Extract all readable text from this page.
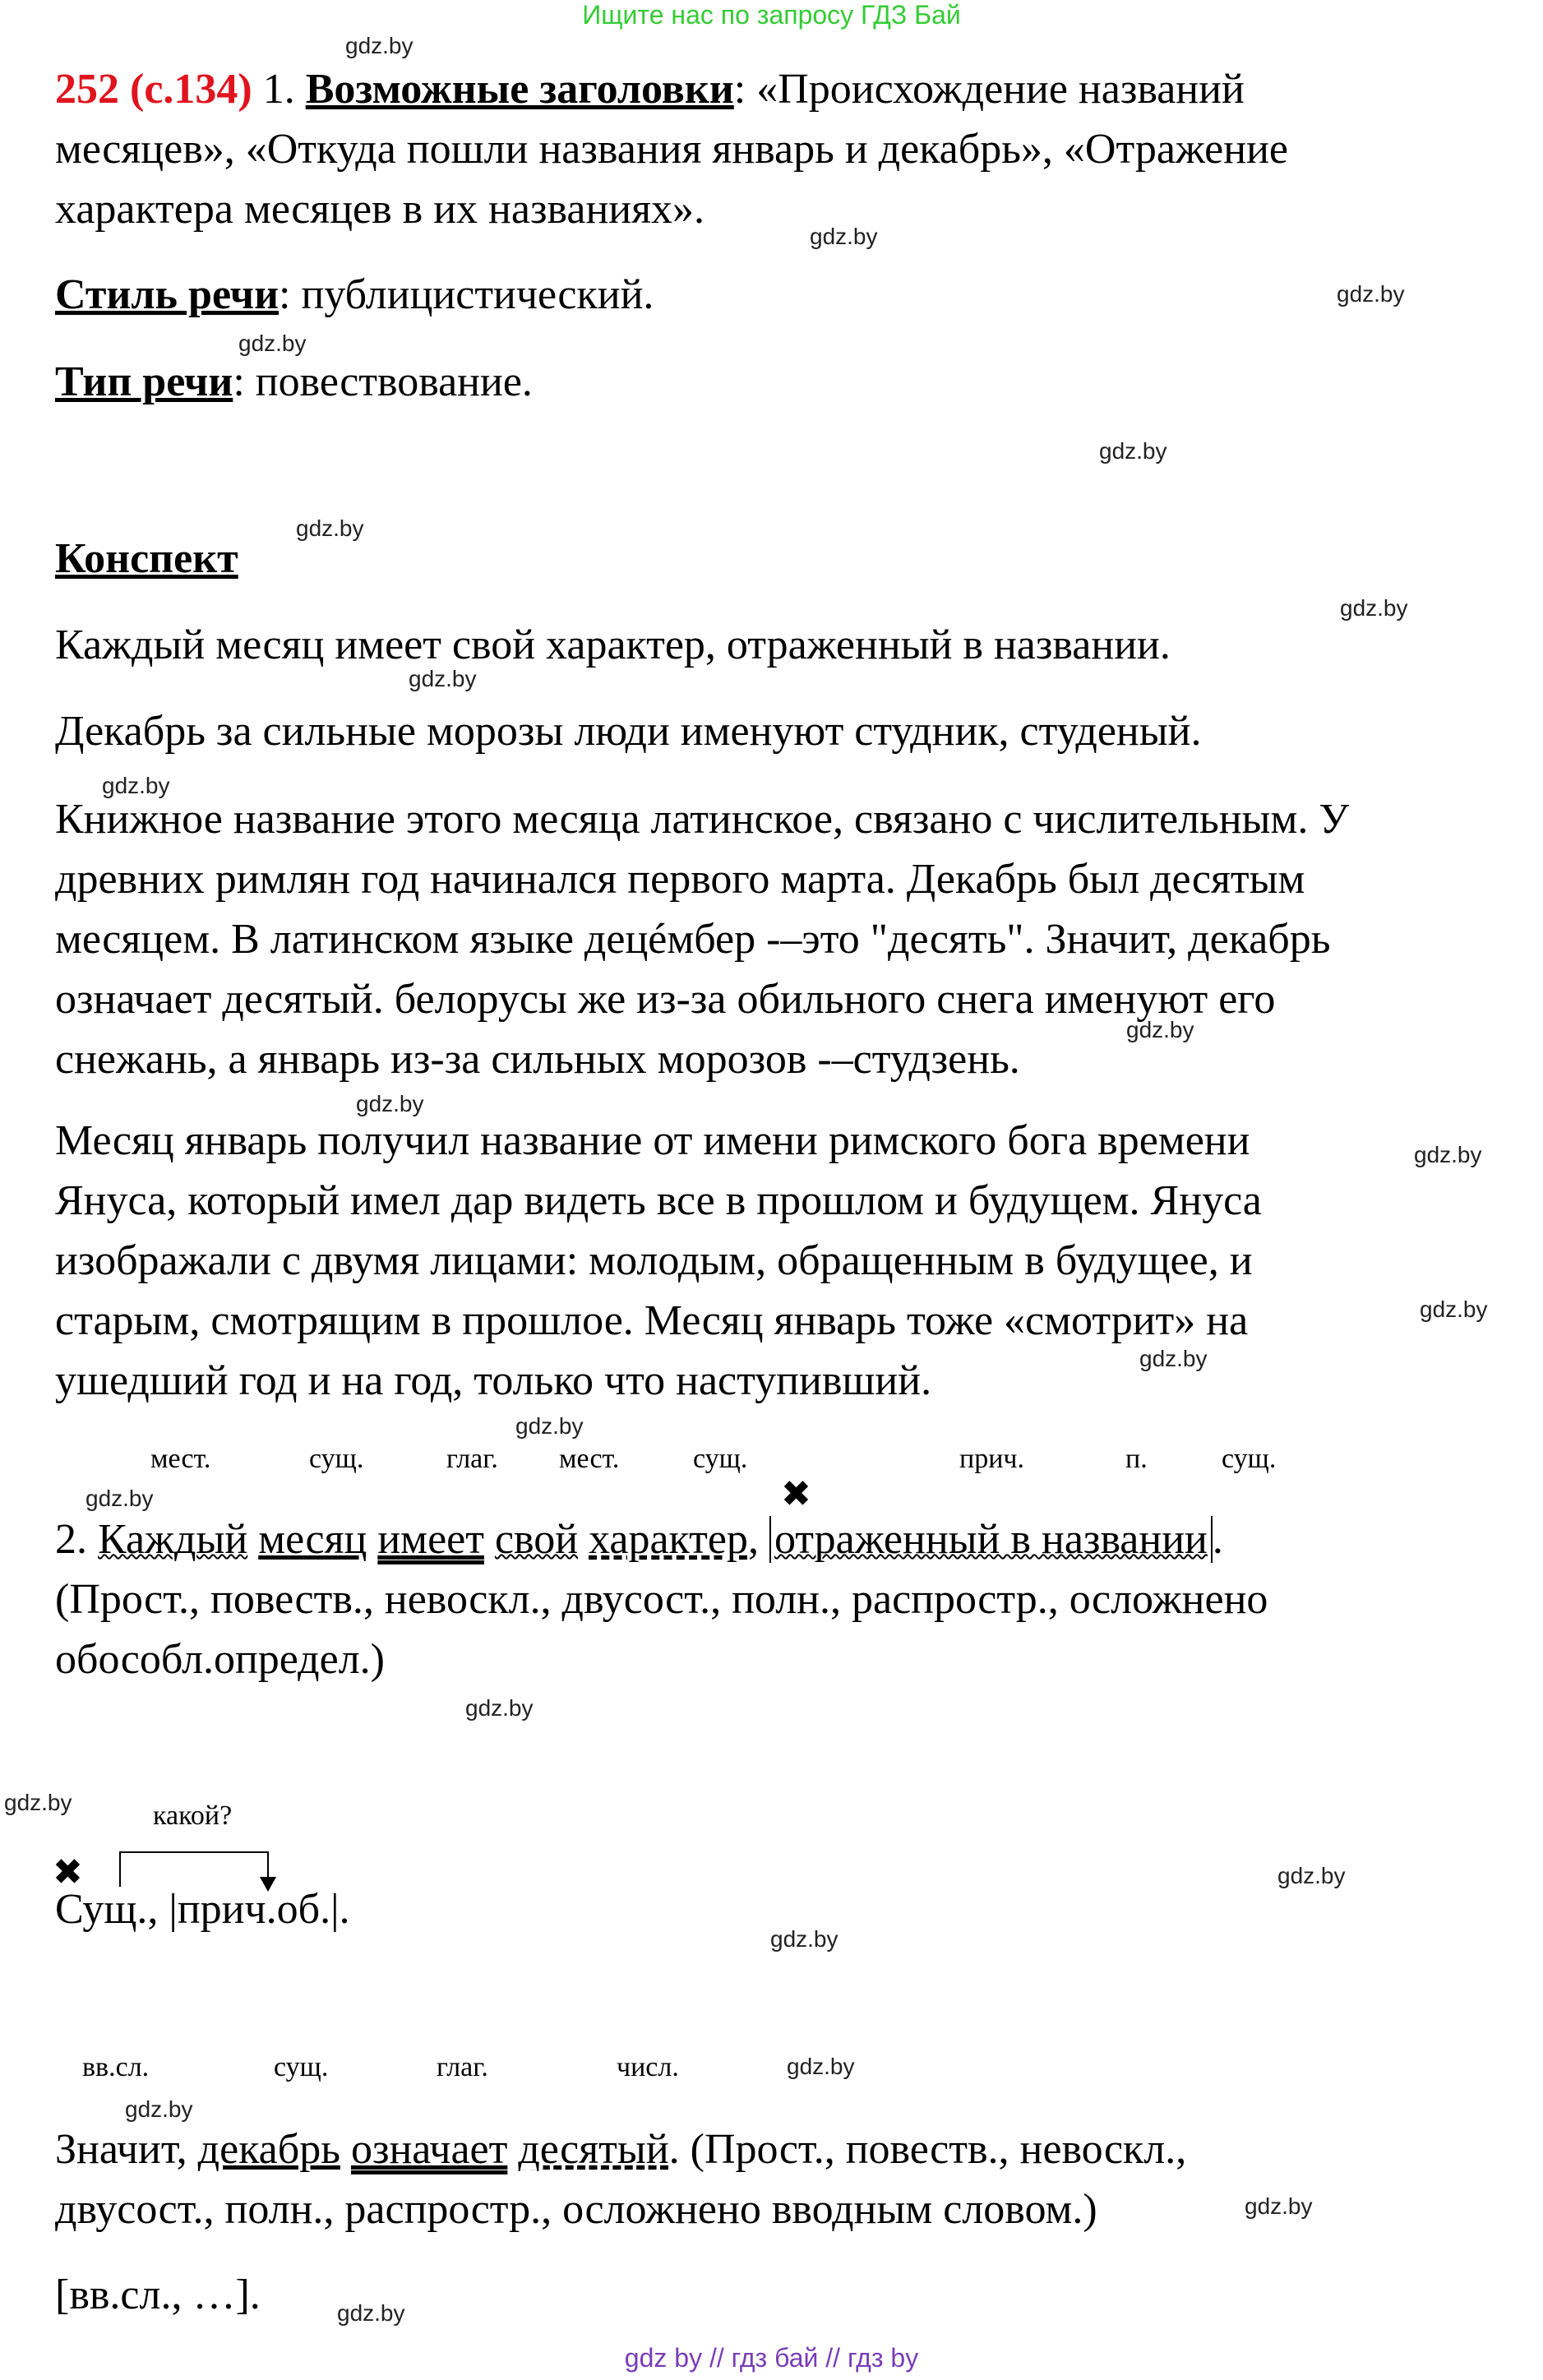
Ищите нас по запросу ГДЗ Бай
gdz by // гдз бай // гдз by
gdz.by
gdz.by
gdz.by
gdz.by
gdz.by
gdz.by
gdz.by
gdz.by
gdz.by
gdz.by
gdz.by
gdz.by
gdz.by
gdz.by
gdz.by
gdz.by
gdz.by
gdz.by
gdz.by
gdz.by
gdz.by
gdz.by
gdz.by
gdz.by
252 (с.134) 1. Возможные заголовки: «Происхождение названий
месяцев», «Откуда пошли названия январь и декабрь», «Отражение
характера месяцев в их названиях».
Стиль речи: публицистический.
Тип речи: повествование.
Конспект
Каждый месяц имеет свой характер, отраженный в названии.
Декабрь за сильные морозы люди именуют студник, студеный.
Книжное название этого месяца латинское, связано с числительным. У
древних римлян год начинался первого марта. Декабрь был десятым
месяцем. В латинском языке децéмбер -–это "десять". Значит, декабрь
означает десятый. белорусы же из-за обильного снега именуют его
снежань, а январь из-за сильных морозов -–студзень.
Месяц январь получил название от имени римского бога времени
Януса, который имел дар видеть все в прошлом и будущем. Януса
изображали с двумя лицами: молодым, обращенным в будущее, и
старым, смотрящим в прошлое. Месяц январь тоже «смотрит» на
ушедший год и на год, только что наступивший.
мест.	сущ.	глаг. мест.	сущ.	прич.	п.	сущ.
✖
2. Каждый месяц имеет свой характер, отраженный в названии .
(Прост., повеств., невоскл., двусост., полн., распростр., осложнено
обособл.определ.)
какой?
✖
Сущ., |прич.об.|.
вв.сл.	сущ.	глаг.	числ.
Значит, декабрь означает десятый. (Прост., повеств., невоскл.,
двусост., полн., распростр., осложнено вводным словом.)
[вв.сл., …].
